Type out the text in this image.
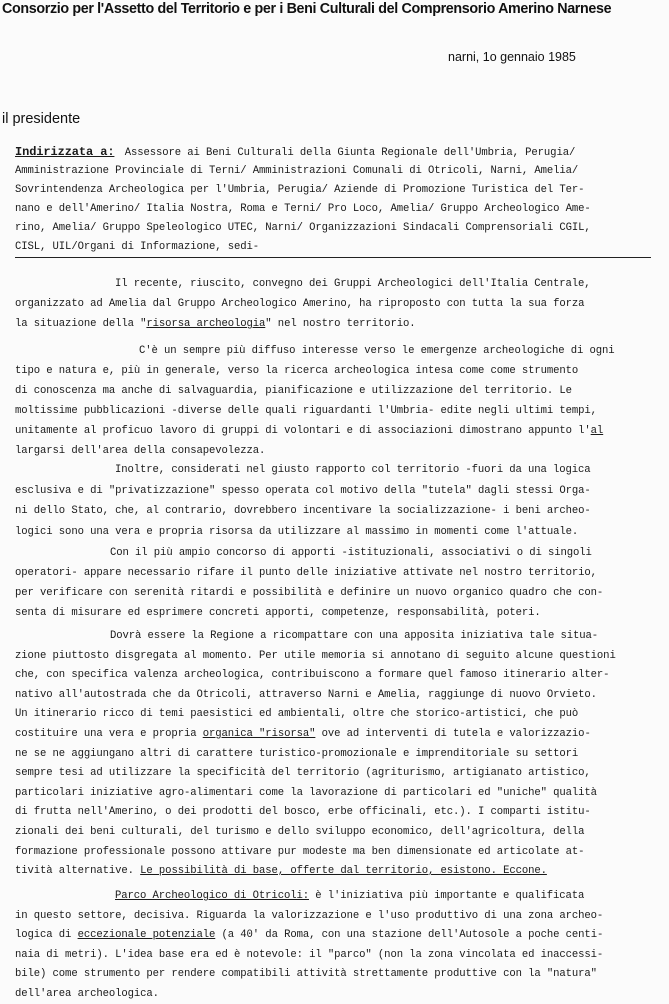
Consorzio per l'Assetto del Territorio e per i Beni Culturali del Comprensorio Amerino Narnese
narni, 1o gennaio 1985
il presidente
Indirizzata a: Assessore ai Beni Culturali della Giunta Regionale dell'Umbria, Perugia/
Amministrazione Provinciale di Terni/ Amministrazioni Comunali di Otricoli, Narni, Amelia/
Sovrintendenza Archeologica per l'Umbria, Perugia/ Aziende di Promozione Turistica del Ter-
nano e dell'Amerino/ Italia Nostra, Roma e Terni/ Pro Loco, Amelia/ Gruppo Archeologico Ame-
rino, Amelia/ Gruppo Speleologico UTEC, Narni/ Organizzazioni Sindacali Comprensoriali CGIL,
CISL, UIL/Organi di Informazione, sedi-
Il recente, riuscito, convegno dei Gruppi Archeologici dell'Italia Centrale,
organizzato ad Amelia dal Gruppo Archeologico Amerino, ha riproposto con tutta la sua forza
la situazione della "risorsa archeologia" nel nostro territorio.
C'è un sempre più diffuso interesse verso le emergenze archeologiche di ogni
tipo e natura e, più in generale, verso la ricerca archeologica intesa come come strumento
di conoscenza ma anche di salvaguardia, pianificazione e utilizzazione del territorio. Le
moltissime pubblicazioni -diverse delle quali riguardanti l'Umbria- edite negli ultimi tempi,
unitamente al proficuo lavoro di gruppi di volontari e di associazioni dimostrano appunto l'al
largarsi dell'area della consapevolezza.
Inoltre, considerati nel giusto rapporto col territorio -fuori da una logica
esclusiva e di "privatizzazione" spesso operata col motivo della "tutela" dagli stessi Orga-
ni dello Stato, che, al contrario, dovrebbero incentivare la socializzazione- i beni archeo-
logici sono una vera e propria risorsa da utilizzare al massimo in momenti come l'attuale.
Con il più ampio concorso di apporti -istituzionali, associativi o di singoli
operatori- appare necessario rifare il punto delle iniziative attivate nel nostro territorio,
per verificare con serenità ritardi e possibilità e definire un nuovo organico quadro che con-
senta di misurare ed esprimere concreti apporti, competenze, responsabilità, poteri.
Dovrà essere la Regione a ricompattare con una apposita iniziativa tale situa-
zione piuttosto disgregata al momento. Per utile memoria si annotano di seguito alcune questioni
che, con specifica valenza archeologica, contribuiscono a formare quel famoso itinerario alter-
nativo all'autostrada che da Otricoli, attraverso Narni e Amelia, raggiunge di nuovo Orvieto.
Un itinerario ricco di temi paesistici ed ambientali, oltre che storico-artistici, che può
costituire una vera e propria organica "risorsa" ove ad interventi di tutela e valorizzazio-
ne se ne aggiungano altri di carattere turistico-promozionale e imprenditoriale su settori
sempre tesi ad utilizzare la specificità del territorio (agriturismo, artigianato artistico,
particolari iniziative agro-alimentari come la lavorazione di particolari ed "uniche" qualità
di frutta nell'Amerino, o dei prodotti del bosco, erbe officinali, etc.). I comparti istitu-
zionali dei beni culturali, del turismo e dello sviluppo economico, dell'agricoltura, della
formazione professionale possono attivare pur modeste ma ben dimensionate ed articolate at-
tività alternative. Le possibilità di base, offerte dal territorio, esistono. Eccone.
Parco Archeologico di Otricoli: è l'iniziativa più importante e qualificata
in questo settore, decisiva. Riguarda la valorizzazione e l'uso produttivo di una zona archeo-
logica di eccezionale potenziale (a 40' da Roma, con una stazione dell'Autosole a poche centi-
naia di metri). L'idea base era ed è notevole: il "parco" (non la zona vincolata ed inaccessi-
bile) come strumento per rendere compatibili attività strettamente produttive con la "natura"
dell'area archeologica.
